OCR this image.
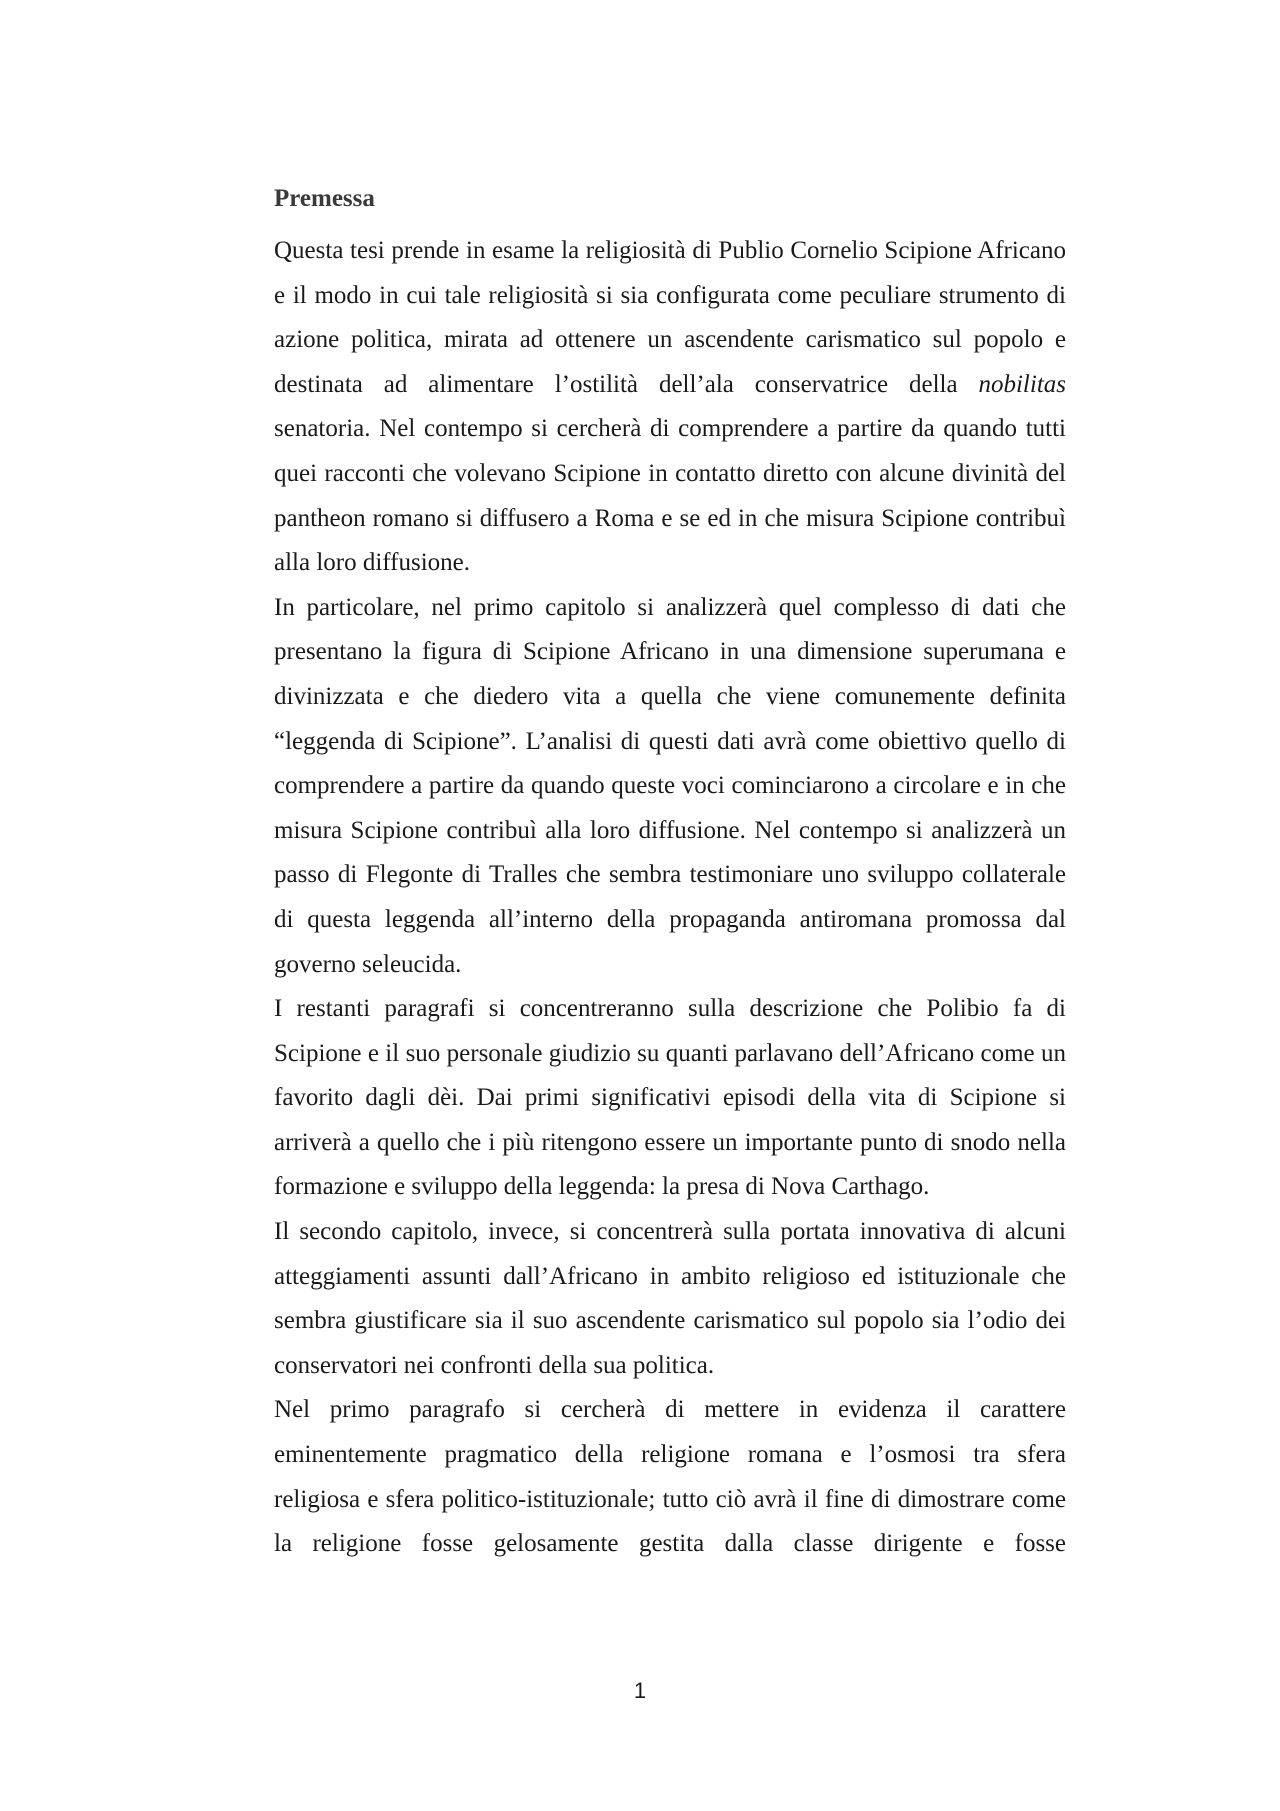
Premessa

Questa tesi prende in esame la religiosità di Publio Cornelio Scipione Africano e il modo in cui tale religiosità si sia configurata come peculiare strumento di azione politica, mirata ad ottenere un ascendente carismatico sul popolo e destinata ad alimentare l’ostilità dell’ala conservatrice della nobilitas senatoria. Nel contempo si cercherà di comprendere a partire da quando tutti quei racconti che volevano Scipione in contatto diretto con alcune divinità del pantheon romano si diffusero a Roma e se ed in che misura Scipione contribuì alla loro diffusione.

In particolare, nel primo capitolo si analizzerà quel complesso di dati che presentano la figura di Scipione Africano in una dimensione superumana e divinizzata e che diedero vita a quella che viene comunemente definita “leggenda di Scipione”. L’analisi di questi dati avrà come obiettivo quello di comprendere a partire da quando queste voci cominciarono a circolare e in che misura Scipione contribuì alla loro diffusione. Nel contempo si analizzerà un passo di Flegonte di Tralles che sembra testimoniare uno sviluppo collaterale di questa leggenda all’interno della propaganda antiromana promossa dal governo seleucida.

I restanti paragrafi si concentreranno sulla descrizione che Polibio fa di Scipione e il suo personale giudizio su quanti parlavano dell’Africano come un favorito dagli dèi. Dai primi significativi episodi della vita di Scipione si arriverà a quello che i più ritengono essere un importante punto di snodo nella formazione e sviluppo della leggenda: la presa di Nova Carthago.

Il secondo capitolo, invece, si concentrerà sulla portata innovativa di alcuni atteggiamenti assunti dall’Africano in ambito religioso ed istituzionale che sembra giustificare sia il suo ascendente carismatico sul popolo sia l’odio dei conservatori nei confronti della sua politica.

Nel primo paragrafo si cercherà di mettere in evidenza il carattere eminentemente pragmatico della religione romana e l’osmosi tra sfera religiosa e sfera politico-istituzionale; tutto ciò avrà il fine di dimostrare come la religione fosse gelosamente gestita dalla classe dirigente e fosse

1
